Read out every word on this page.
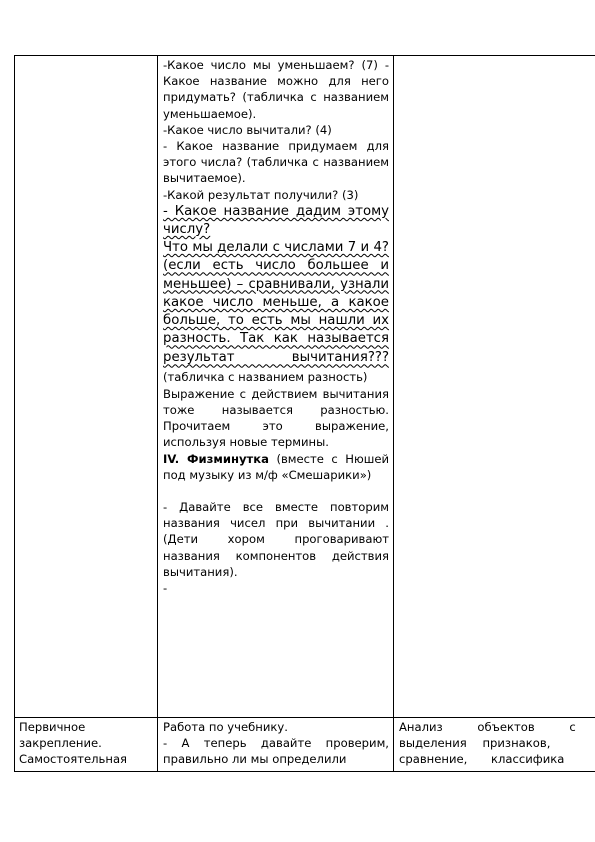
-Какое число мы уменьшаем? (7) - Какое название можно для него придумать? (табличка с названием уменьшаемое).

-Какое число вычитали? (4)

- Какое название придумаем для этого числа? (табличка с названием вычитаемое).

-Какой результат получили? (3)

- Какое название дадим этому числу?

Что мы делали с числами 7 и 4? (если есть число большее и меньшее) – сравнивали, узнали какое число меньше, а какое больше, то есть мы нашли их разность. Так как называется результат вычитания??? (табличка с названием разность)

Выражение с действием вычитания тоже называется разностью. Прочитаем это выражение, используя новые термины.

IV. Физминутка (вместе с Нюшей под музыку из м/ф «Смешарики»)

- Давайте все вместе повторим названия чисел при вычитании . (Дети хором проговаривают названия компонентов действия вычитания).

-

Первичное

закрепление.

Самостоятельная

Работа по учебнику.

- А теперь давайте проверим, правильно ли мы определили

Анализ объектов с

выделения признаков,

сравнение, классифика
